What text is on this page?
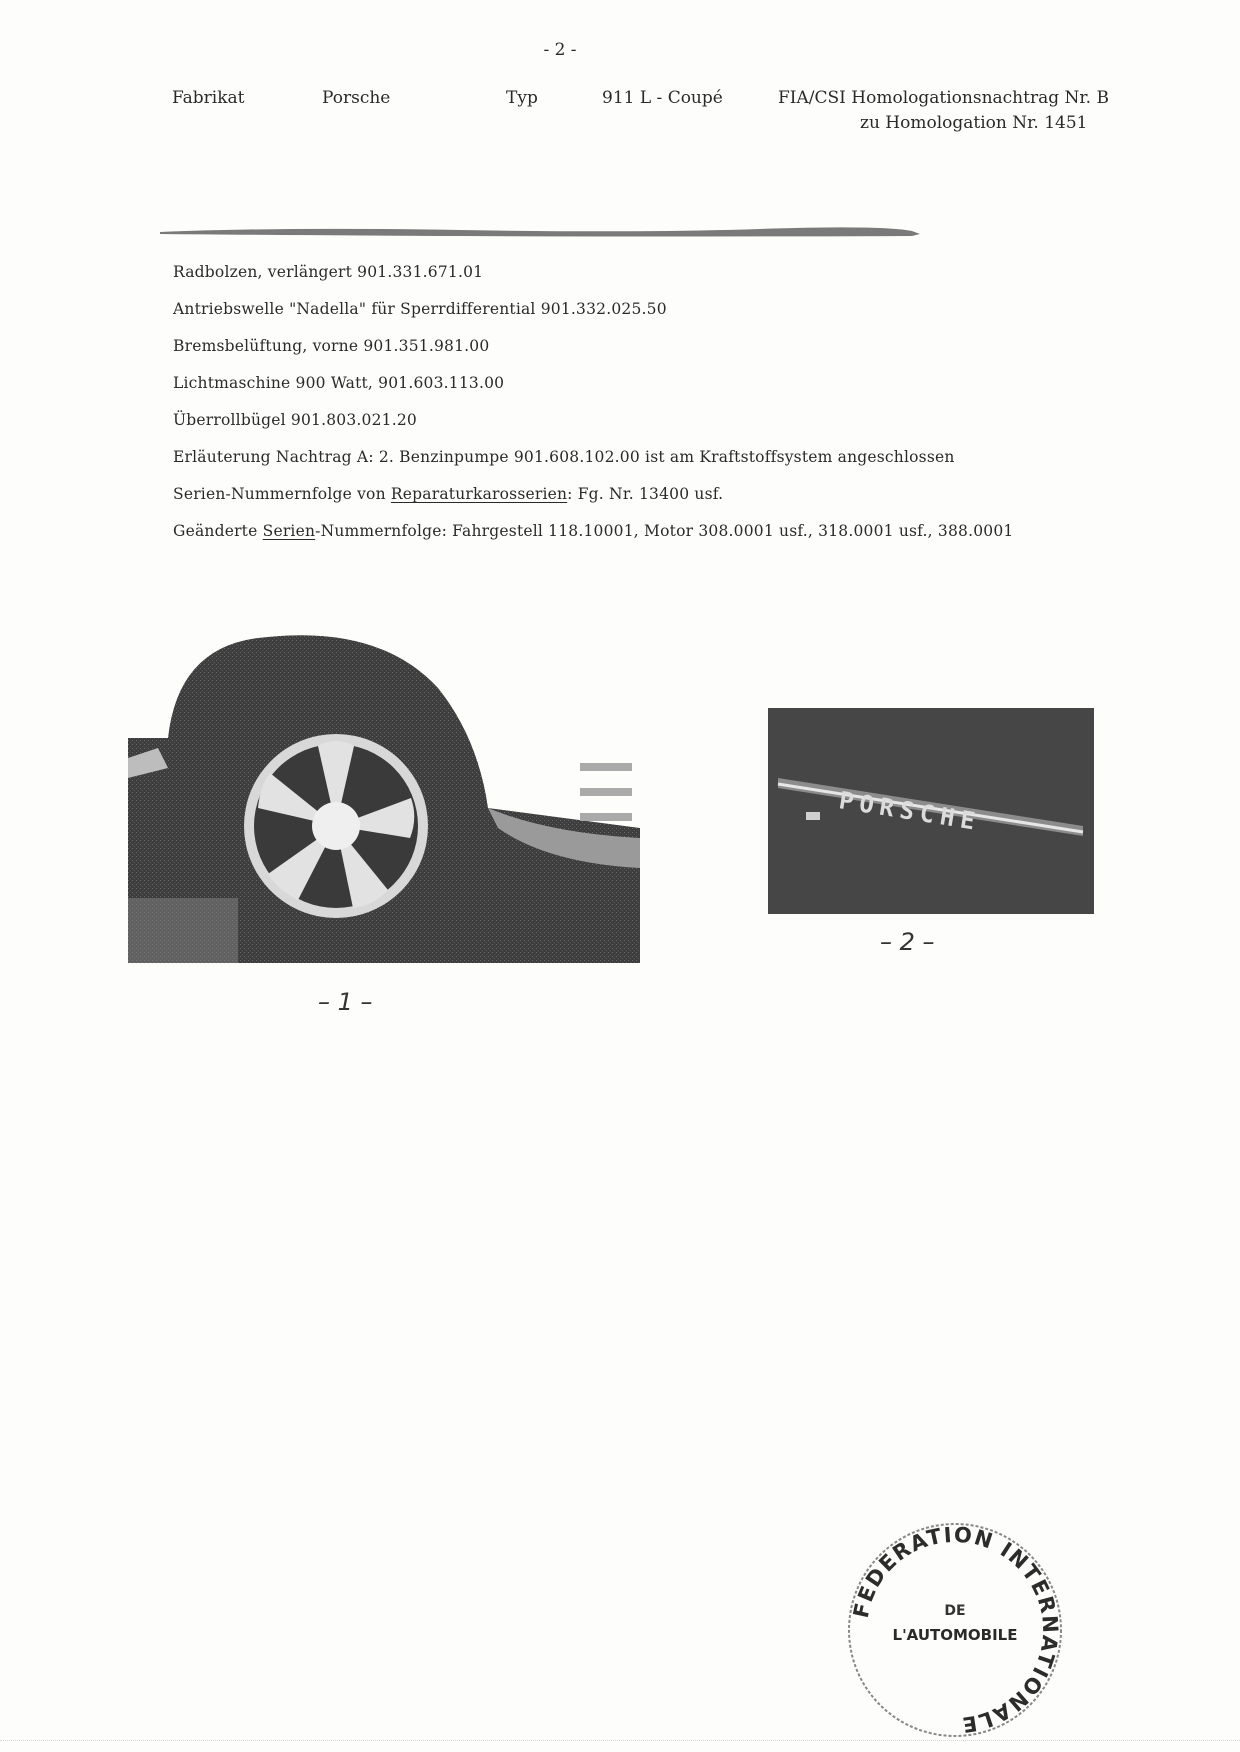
- 2 -
Fabrikat	Porsche	Typ	911 L - Coupé	FIA/CSI Homologationsnachtrag Nr. B
zu Homologation Nr. 1451
Radbolzen, verlängert 901.331.671.01
Antriebswelle "Nadella" für Sperrdifferential 901.332.025.50
Bremsbelüftung, vorne 901.351.981.00
Lichtmaschine 900 Watt, 901.603.113.00
Überrollbügel 901.803.021.20
Erläuterung Nachtrag A: 2. Benzinpumpe 901.608.102.00 ist am Kraftstoffsystem angeschlossen
Serien-Nummernfolge von Reparaturkarosserien: Fg. Nr. 13400 usf.
Geänderte Serien-Nummernfolge: Fahrgestell 118.10001, Motor 308.0001 usf., 318.0001 usf., 388.0001
PORSCHE
– 1 –
– 2 –
FEDERATION INTERNATIONALE
DE
L'AUTOMOBILE
